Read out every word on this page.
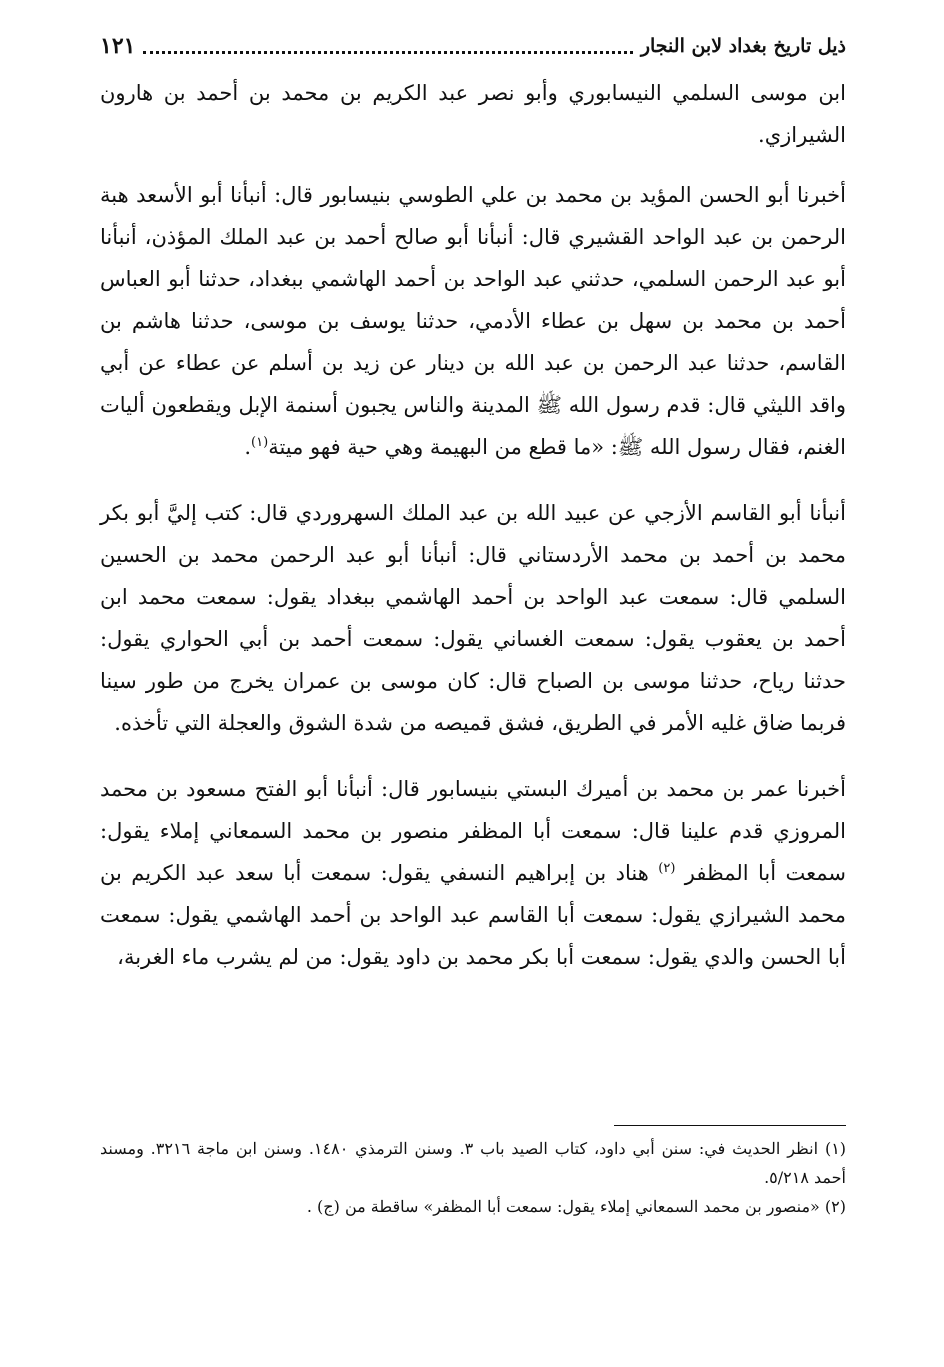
ذيل تاريخ بغداد لابن النجار
١٢١

ابن موسى السلمي النيسابوري وأبو نصر عبد الكريم بن محمد بن أحمد بن هارون الشيرازي.

أخبرنا أبو الحسن المؤيد بن محمد بن علي الطوسي بنيسابور قال: أنبأنا أبو الأسعد هبة الرحمن بن عبد الواحد القشيري قال: أنبأنا أبو صالح أحمد بن عبد الملك المؤذن، أنبأنا أبو عبد الرحمن السلمي، حدثني عبد الواحد بن أحمد الهاشمي ببغداد، حدثنا أبو العباس أحمد بن محمد بن سهل بن عطاء الأدمي، حدثنا يوسف بن موسى، حدثنا هاشم بن القاسم، حدثنا عبد الرحمن بن عبد الله بن دينار عن زيد بن أسلم عن عطاء عن أبي واقد الليثي قال: قدم رسول الله ﷺ المدينة والناس يجبون أسنمة الإبل ويقطعون أليات الغنم، فقال رسول الله ﷺ: «ما قطع من البهيمة وهي حية فهو ميتة$^{(١)}$.

أنبأنا أبو القاسم الأزجي عن عبيد الله بن عبد الملك السهروردي قال: كتب إليَّ أبو بكر محمد بن أحمد بن محمد الأردستاني قال: أنبأنا أبو عبد الرحمن محمد بن الحسين السلمي قال: سمعت عبد الواحد بن أحمد الهاشمي ببغداد يقول: سمعت محمد ابن أحمد بن يعقوب يقول: سمعت الغساني يقول: سمعت أحمد بن أبي الحواري يقول: حدثنا رياح، حدثنا موسى بن الصباح قال: كان موسى بن عمران يخرج من طور سينا فربما ضاق غليه الأمر في الطريق، فشق قميصه من شدة الشوق والعجلة التي تأخذه.

أخبرنا عمر بن محمد بن أميرك البستي بنيسابور قال: أنبأنا أبو الفتح مسعود بن محمد المروزي قدم علينا قال: سمعت أبا المظفر منصور بن محمد السمعاني إملاء يقول: سمعت أبا المظفر $^{(٢)}$ هناد بن إبراهيم النسفي يقول: سمعت أبا سعد عبد الكريم بن محمد الشيرازي يقول: سمعت أبا القاسم عبد الواحد بن أحمد الهاشمي يقول: سمعت أبا الحسن والدي يقول: سمعت أبا بكر محمد بن داود يقول: من لم يشرب ماء الغربة،

(١) انظر الحديث في: سنن أبي داود، كتاب الصيد باب ٣. وسنن الترمذي ١٤٨٠. وسنن ابن ماجة ٣٢١٦. ومسند أحمد ٥/٢١٨.

(٢) «منصور بن محمد السمعاني إملاء يقول: سمعت أبا المظفر» ساقطة من (ج) .
